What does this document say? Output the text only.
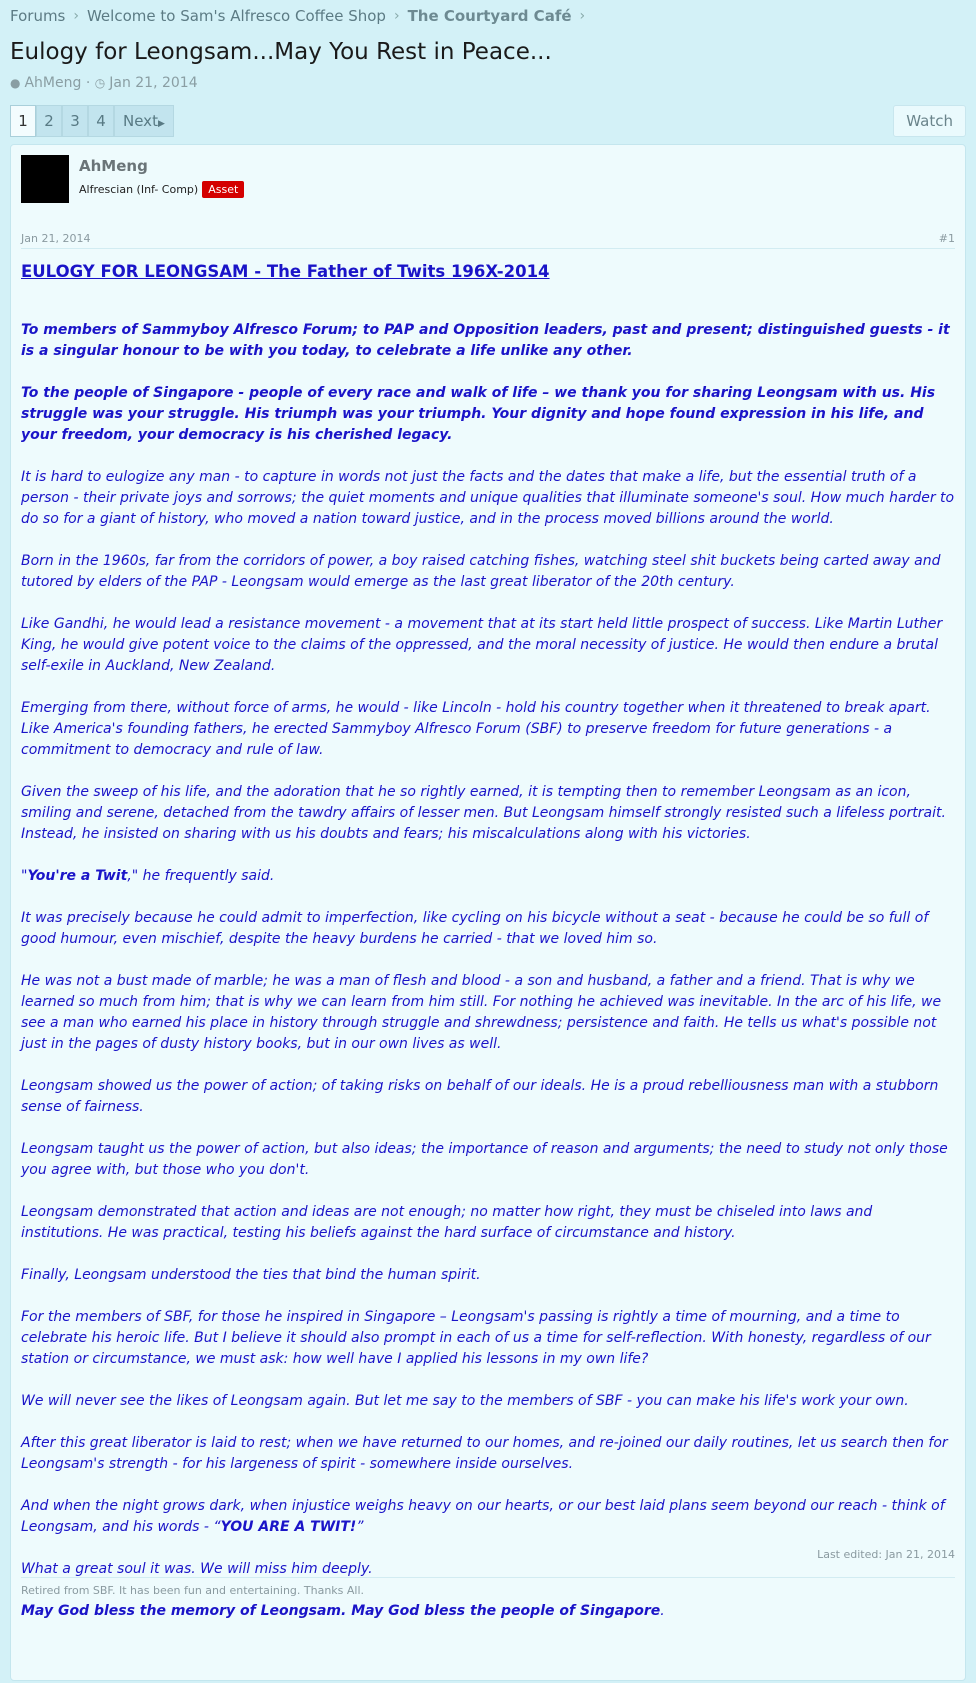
Forums › Welcome to Sam's Alfresco Coffee Shop › The Courtyard Café ›
Eulogy for Leongsam...May You Rest in Peace...
● AhMeng · ◷ Jan 21, 2014
1	2	3	4	Next▶	Watch
AhMeng
Alfrescian (Inf- Comp) Asset
Jan 21, 2014	#1
EULOGY FOR LEONGSAM - The Father of Twits 196X-2014

To members of Sammyboy Alfresco Forum; to PAP and Opposition leaders, past and present; distinguished guests - it is a singular honour to be with you today, to celebrate a life unlike any other.

To the people of Singapore - people of every race and walk of life – we thank you for sharing Leongsam with us. His struggle was your struggle. His triumph was your triumph. Your dignity and hope found expression in his life, and your freedom, your democracy is his cherished legacy.

It is hard to eulogize any man - to capture in words not just the facts and the dates that make a life, but the essential truth of a person - their private joys and sorrows; the quiet moments and unique qualities that illuminate someone's soul. How much harder to do so for a giant of history, who moved a nation toward justice, and in the process moved billions around the world.

Born in the 1960s, far from the corridors of power, a boy raised catching fishes, watching steel shit buckets being carted away and tutored by elders of the PAP - Leongsam would emerge as the last great liberator of the 20th century.

Like Gandhi, he would lead a resistance movement - a movement that at its start held little prospect of success. Like Martin Luther King, he would give potent voice to the claims of the oppressed, and the moral necessity of justice. He would then endure a brutal self-exile in Auckland, New Zealand.

Emerging from there, without force of arms, he would - like Lincoln - hold his country together when it threatened to break apart. Like America's founding fathers, he erected Sammyboy Alfresco Forum (SBF) to preserve freedom for future generations - a commitment to democracy and rule of law.

Given the sweep of his life, and the adoration that he so rightly earned, it is tempting then to remember Leongsam as an icon, smiling and serene, detached from the tawdry affairs of lesser men. But Leongsam himself strongly resisted such a lifeless portrait. Instead, he insisted on sharing with us his doubts and fears; his miscalculations along with his victories.

"You're a Twit," he frequently said.

It was precisely because he could admit to imperfection, like cycling on his bicycle without a seat - because he could be so full of good humour, even mischief, despite the heavy burdens he carried - that we loved him so.

He was not a bust made of marble; he was a man of flesh and blood - a son and husband, a father and a friend. That is why we learned so much from him; that is why we can learn from him still. For nothing he achieved was inevitable. In the arc of his life, we see a man who earned his place in history through struggle and shrewdness; persistence and faith. He tells us what's possible not just in the pages of dusty history books, but in our own lives as well.

Leongsam showed us the power of action; of taking risks on behalf of our ideals. He is a proud rebelliousness man with a stubborn sense of fairness.

Leongsam taught us the power of action, but also ideas; the importance of reason and arguments; the need to study not only those you agree with, but those who you don't.

Leongsam demonstrated that action and ideas are not enough; no matter how right, they must be chiseled into laws and institutions. He was practical, testing his beliefs against the hard surface of circumstance and history.

Finally, Leongsam understood the ties that bind the human spirit.

For the members of SBF, for those he inspired in Singapore – Leongsam's passing is rightly a time of mourning, and a time to celebrate his heroic life. But I believe it should also prompt in each of us a time for self-reflection. With honesty, regardless of our station or circumstance, we must ask: how well have I applied his lessons in my own life?

We will never see the likes of Leongsam again. But let me say to the members of SBF - you can make his life's work your own.

After this great liberator is laid to rest; when we have returned to our homes, and re-joined our daily routines, let us search then for Leongsam's strength - for his largeness of spirit - somewhere inside ourselves.

And when the night grows dark, when injustice weighs heavy on our hearts, or our best laid plans seem beyond our reach - think of Leongsam, and his words - “YOU ARE A TWIT!”

What a great soul it was. We will miss him deeply.

May God bless the memory of Leongsam. May God bless the people of Singapore.

Last edited: Jan 21, 2014
Retired from SBF. It has been fun and entertaining. Thanks All.
